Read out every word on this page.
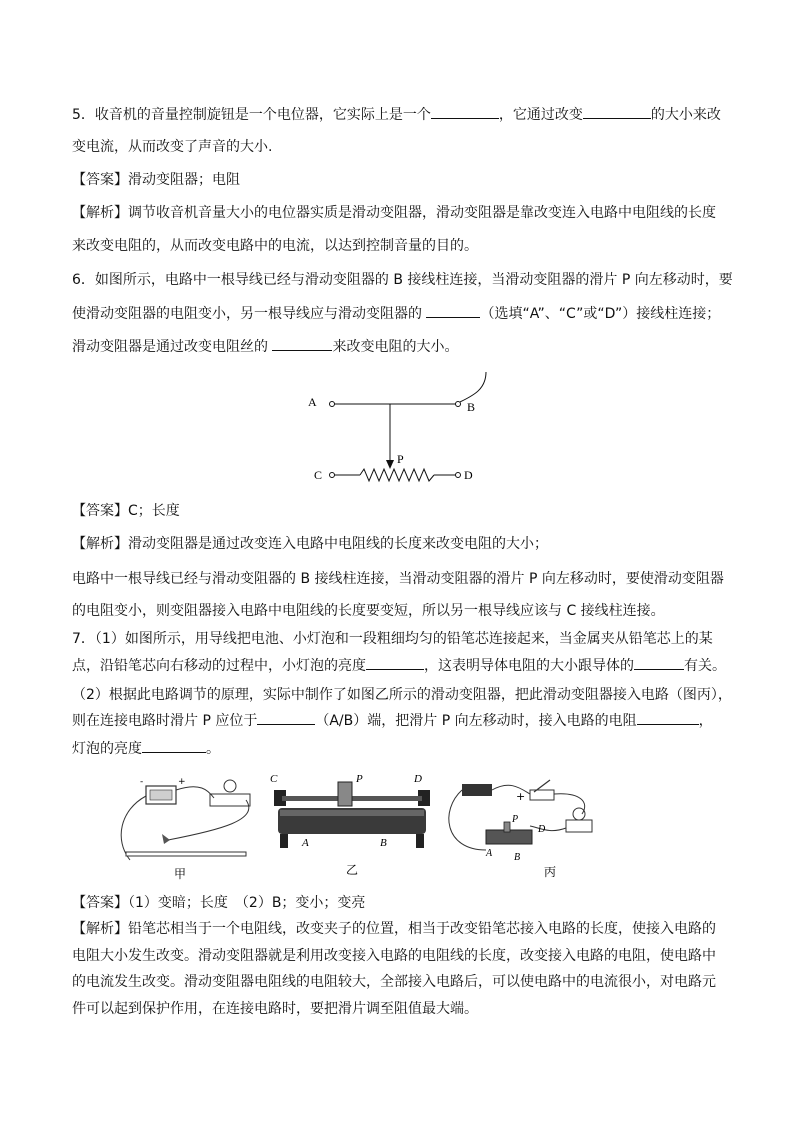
5．收音机的音量控制旋钮是一个电位器，它实际上是一个	，它通过改变	的大小来改
变电流，从而改变了声音的大小.
【答案】滑动变阻器；电阻
【解析】调节收音机音量大小的电位器实质是滑动变阻器，滑动变阻器是靠改变连入电路中电阻线的长度
来改变电阻的，从而改变电路中的电流，以达到控制音量的目的。
6．如图所示，电路中一根导线已经与滑动变阻器的 B 接线柱连接，当滑动变阻器的滑片 P 向左移动时，要
使滑动变阻器的电阻变小，另一根导线应与滑动变阻器的	（选填“A”、“C”或“D”）接线柱连接；
滑动变阻器是通过改变电阻丝的	来改变电阻的大小。
A	B
C	D
P
【答案】C；长度
【解析】滑动变阻器是通过改变连入电路中电阻线的长度来改变电阻的大小；
电路中一根导线已经与滑动变阻器的 B 接线柱连接，当滑动变阻器的滑片 P 向左移动时，要使滑动变阻器
的电阻变小，则变阻器接入电路中电阻线的长度要变短，所以另一根导线应该与 C 接线柱连接。
7．（1）如图所示，用导线把电池、小灯泡和一段粗细均匀的铅笔芯连接起来，当金属夹从铅笔芯上的某
点，沿铅笔芯向右移动的过程中，小灯泡的亮度	，这表明导体电阻的大小跟导体的	有关。
（2）根据此电路调节的原理，实际中制作了如图乙所示的滑动变阻器，把此滑动变阻器接入电路（图丙），
则在连接电路时滑片 P 应位于	（A/B）端，把滑片 P 向左移动时，接入电路的电阻	，
灯泡的亮度	。
-	+
甲
C	P	D
A	B
乙
+
P
D
A B
丙
【答案】（1）变暗；长度　（2）B；变小；变亮
【解析】铅笔芯相当于一个电阻线，改变夹子的位置，相当于改变铅笔芯接入电路的长度，使接入电路的
电阻大小发生改变。滑动变阻器就是利用改变接入电路的电阻线的长度，改变接入电路的电阻，使电路中
的电流发生改变。滑动变阻器电阻线的电阻较大，全部接入电路后，可以使电路中的电流很小，对电路元
件可以起到保护作用，在连接电路时，要把滑片调至阻值最大端。
